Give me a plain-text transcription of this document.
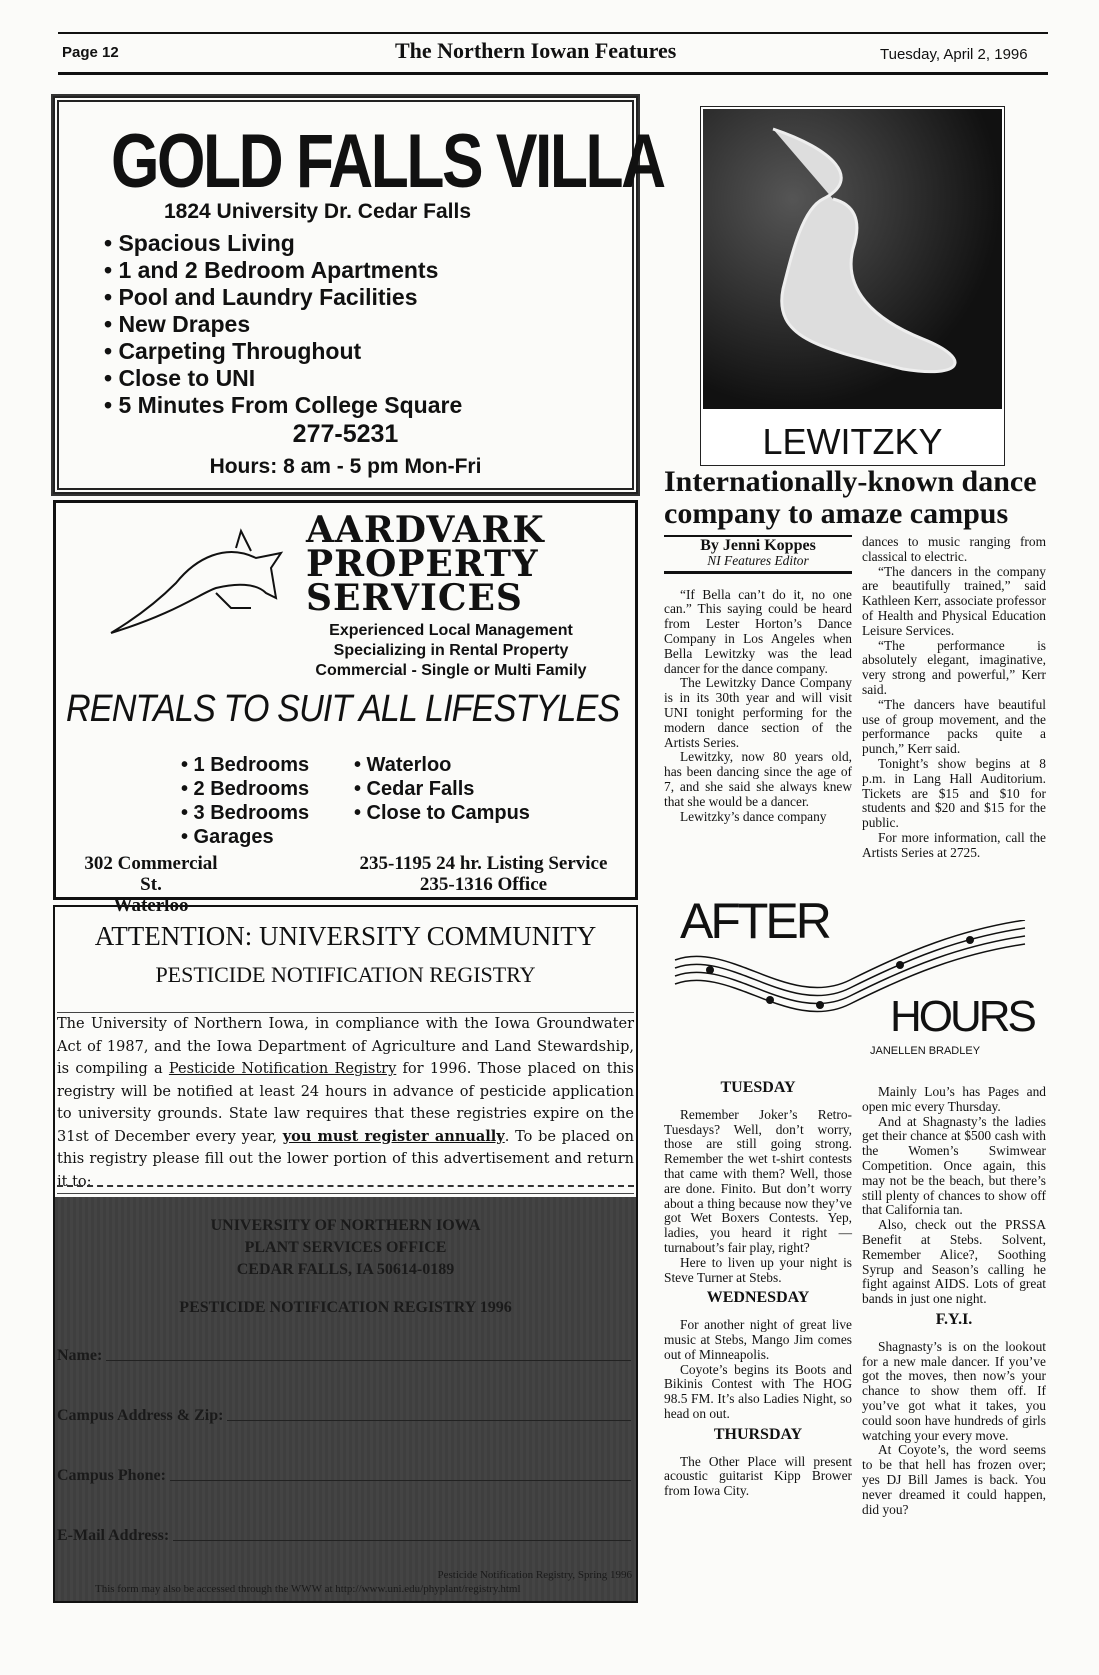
Page 12	The Northern Iowan Features	Tuesday, April 2, 1996
GOLD FALLS VILLA
1824 University Dr. Cedar Falls
• Spacious Living
• 1 and 2 Bedroom Apartments
• Pool and Laundry Facilities
• New Drapes
• Carpeting Throughout
• Close to UNI
• 5 Minutes From College Square
277-5231
Hours: 8 am - 5 pm Mon-Fri
AARDVARK
PROPERTY
SERVICES
Experienced Local Management
Specializing in Rental Property
Commercial - Single or Multi Family
RENTALS TO SUIT ALL LIFESTYLES
• 1 Bedrooms
• 2 Bedrooms
• 3 Bedrooms
• Garages
• Waterloo
• Cedar Falls
• Close to Campus
302 Commercial St.
Waterloo
235-1195 24 hr. Listing Service
235-1316 Office
ATTENTION: UNIVERSITY COMMUNITY
PESTICIDE NOTIFICATION REGISTRY
The University of Northern Iowa, in compliance with the Iowa Groundwater Act of 1987, and the Iowa Department of Agriculture and Land Stewardship, is compiling a Pesticide Notification Registry for 1996. Those placed on this registry will be notified at least 24 hours in advance of pesticide application to university grounds. State law requires that these registries expire on the 31st of December every year, you must register annually. To be placed on this registry please fill out the lower portion of this advertisement and return it to:
UNIVERSITY OF NORTHERN IOWA
PLANT SERVICES OFFICE
CEDAR FALLS, IA 50614-0189
PESTICIDE NOTIFICATION REGISTRY 1996
Name:
Campus Address & Zip:
Campus Phone:
E-Mail Address:
Pesticide Notification Registry, Spring 1996
This form may also be accessed through the WWW at http://www.uni.edu/phyplant/registry.html
LEWITZKY
Internationally-known dance company to amaze campus
By Jenni Koppes
NI Features Editor

“If Bella can’t do it, no one can.” This saying could be heard from Lester Horton’s Dance Company in Los Angeles when Bella Lewitzky was the lead dancer for the dance company.

The Lewitzky Dance Company is in its 30th year and will visit UNI tonight performing for the modern dance section of the Artists Series.

Lewitzky, now 80 years old, has been dancing since the age of 7, and she said she always knew that she would be a dancer.

Lewitzky’s dance company

dances to music ranging from classical to electric.

“The dancers in the company are beautifully trained,” said Kathleen Kerr, associate professor of Health and Physical Education Leisure Services.

“The performance is absolutely elegant, imaginative, very strong and powerful,” Kerr said.

“The dancers have beautiful use of group movement, and the performance packs quite a punch,” Kerr said.

Tonight’s show begins at 8 p.m. in Lang Hall Auditorium. Tickets are $15 and $10 for students and $20 and $15 for the public.

For more information, call the Artists Series at 2725.

AFTER
HOURS
JANELLEN BRADLEY
TUESDAY

Remember Joker’s Retro-Tuesdays? Well, don’t worry, those are still going strong. Remember the wet t-shirt contests that came with them? Well, those are done. Finito. But don’t worry about a thing because now they’ve got Wet Boxers Contests. Yep, ladies, you heard it right — turnabout’s fair play, right?

Here to liven up your night is Steve Turner at Stebs.

WEDNESDAY

For another night of great live music at Stebs, Mango Jim comes out of Minneapolis.

Coyote’s begins its Boots and Bikinis Contest with The HOG 98.5 FM. It’s also Ladies Night, so head on out.

THURSDAY

The Other Place will present acoustic guitarist Kipp Brower from Iowa City.

Mainly Lou’s has Pages and open mic every Thursday.

And at Shagnasty’s the ladies get their chance at $500 cash with the Women’s Swimwear Competition. Once again, this may not be the beach, but there’s still plenty of chances to show off that California tan.

Also, check out the PRSSA Benefit at Stebs. Solvent, Remember Alice?, Soothing Syrup and Season’s calling he fight against AIDS. Lots of great bands in just one night.

F.Y.I.

Shagnasty’s is on the lookout for a new male dancer. If you’ve got the moves, then now’s your chance to show them off. If you’ve got what it takes, you could soon have hundreds of girls watching your every move.

At Coyote’s, the word seems to be that hell has frozen over; yes DJ Bill James is back. You never dreamed it could happen, did you?
